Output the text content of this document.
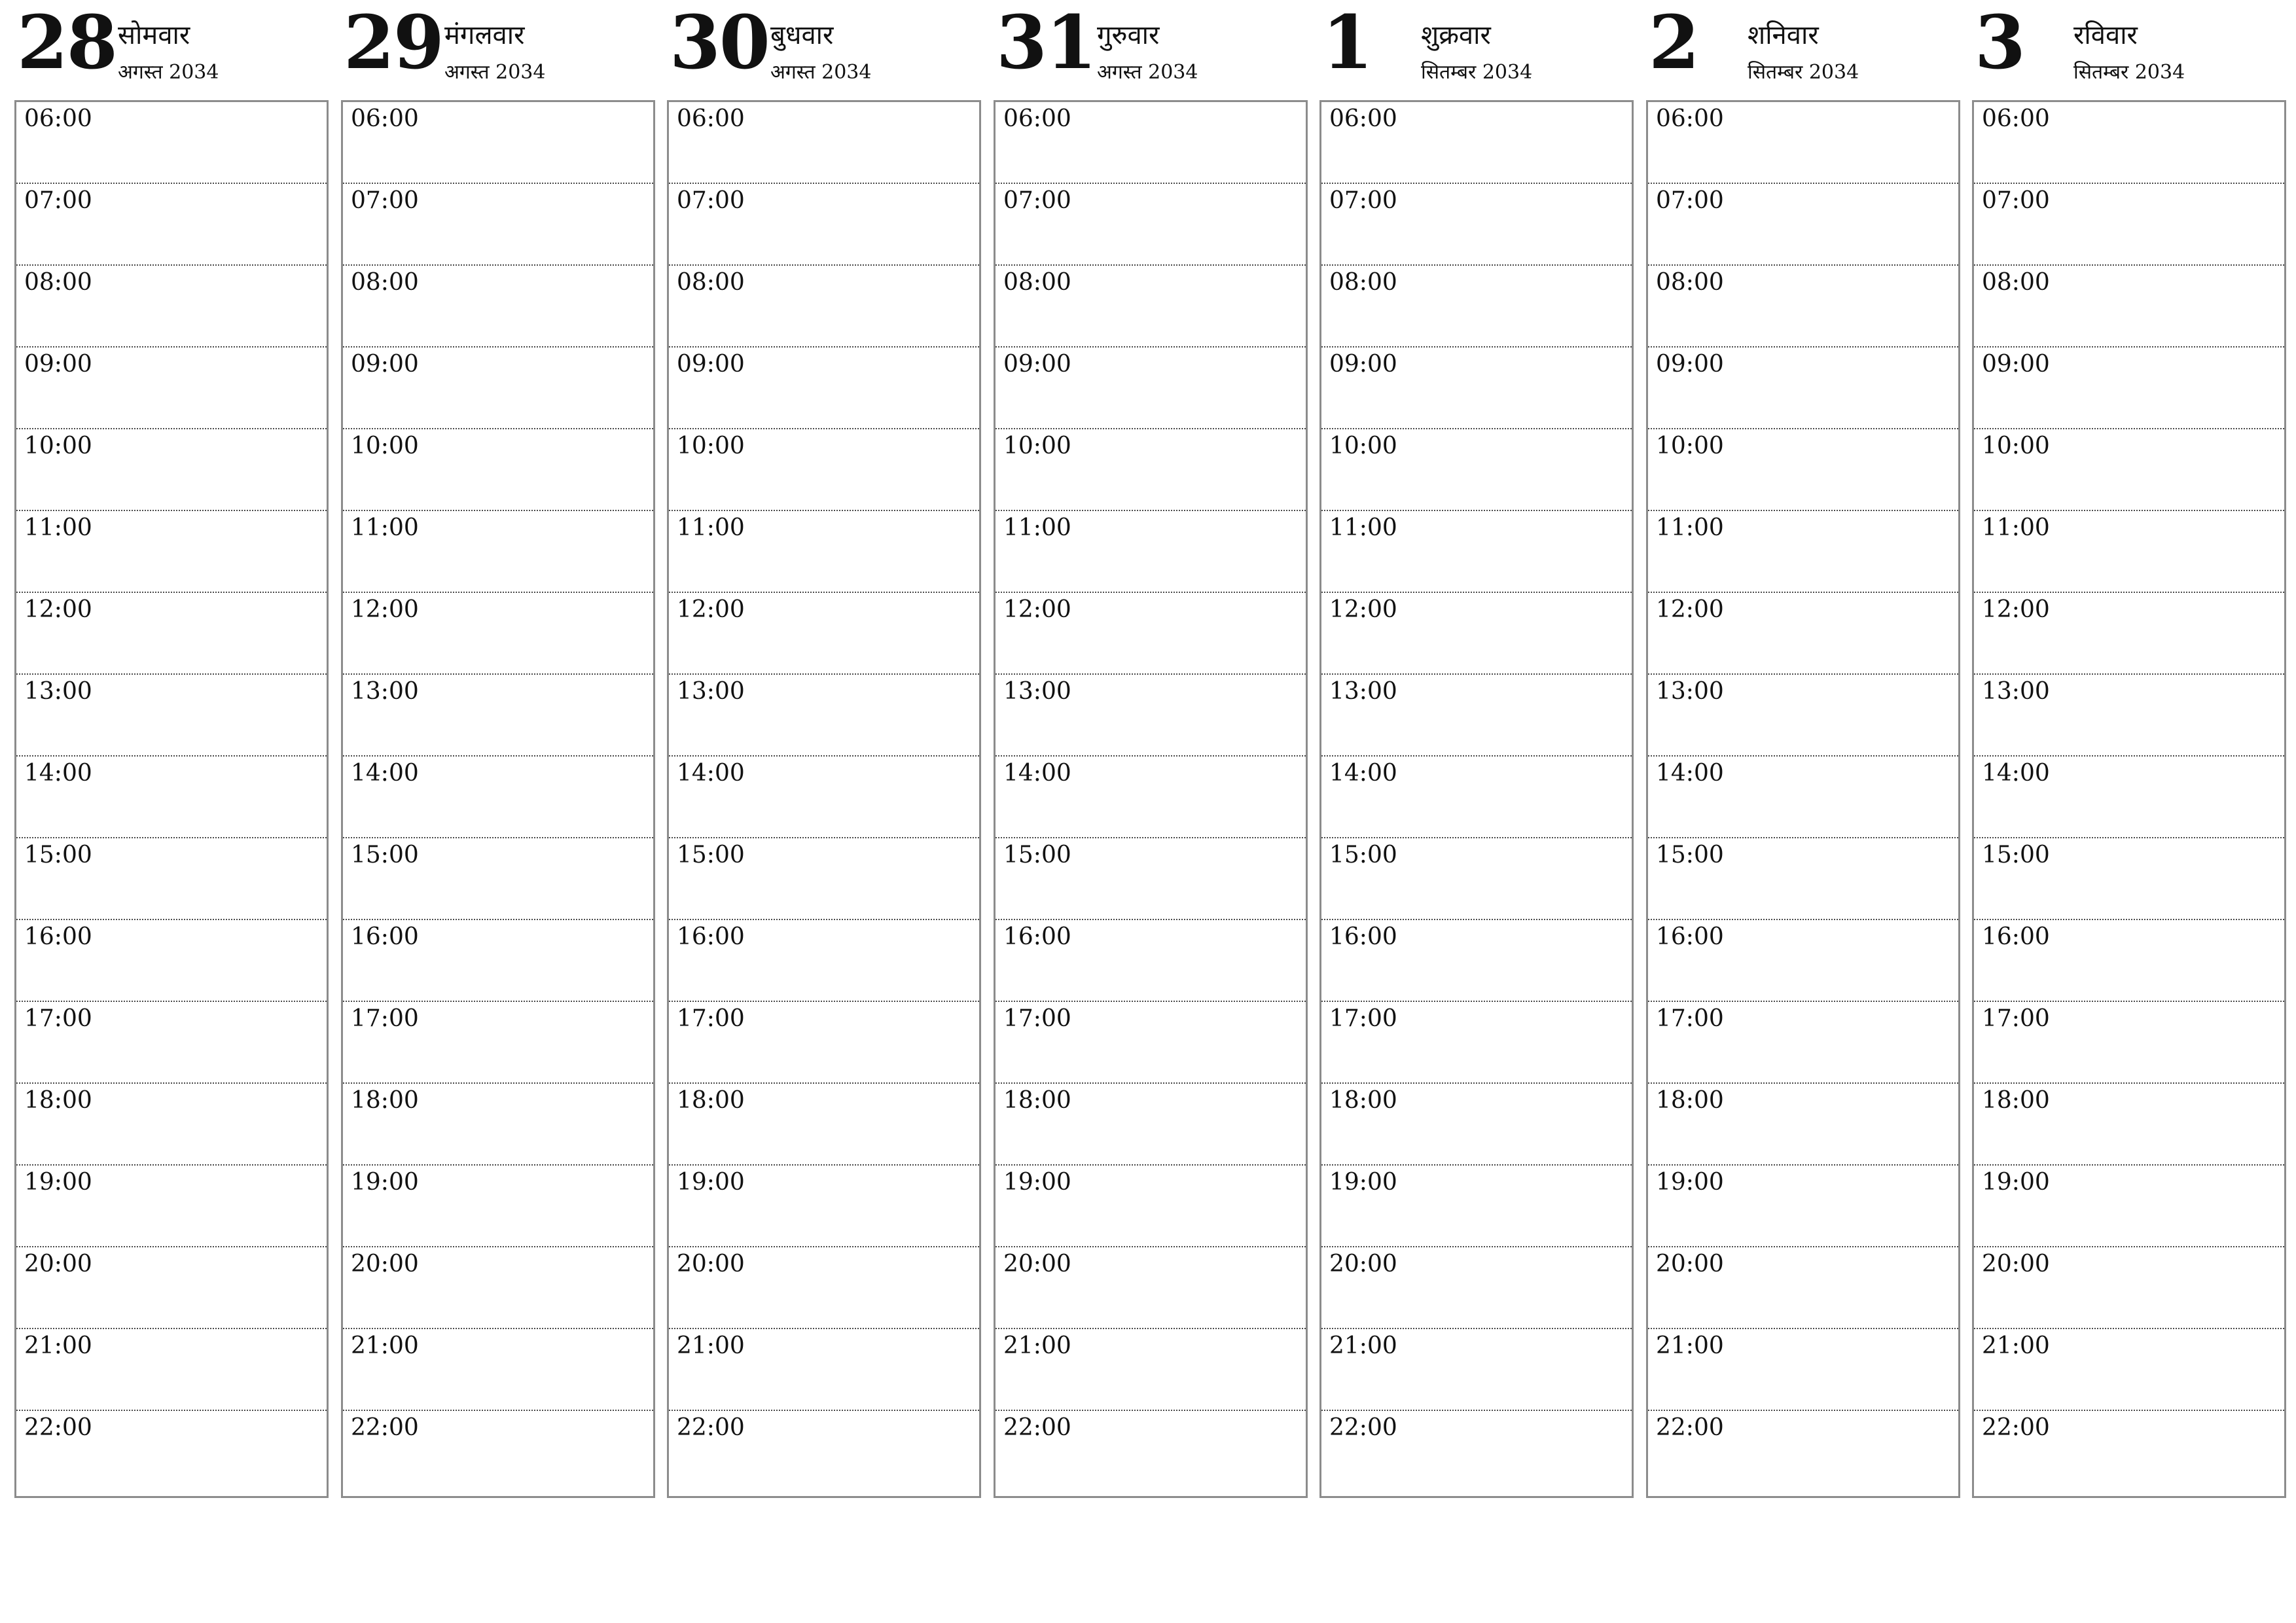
28 सोमवार
अगस्त 2034
06:00
07:00
08:00
09:00
10:00
11:00
12:00
13:00
14:00
15:00
16:00
17:00
18:00
19:00
20:00
21:00
22:00
29 मंगलवार
अगस्त 2034
06:00
07:00
08:00
09:00
10:00
11:00
12:00
13:00
14:00
15:00
16:00
17:00
18:00
19:00
20:00
21:00
22:00
30 बुधवार
अगस्त 2034
06:00
07:00
08:00
09:00
10:00
11:00
12:00
13:00
14:00
15:00
16:00
17:00
18:00
19:00
20:00
21:00
22:00
31 गुरुवार
अगस्त 2034
06:00
07:00
08:00
09:00
10:00
11:00
12:00
13:00
14:00
15:00
16:00
17:00
18:00
19:00
20:00
21:00
22:00
1 शुक्रवार
सितम्बर 2034
06:00
07:00
08:00
09:00
10:00
11:00
12:00
13:00
14:00
15:00
16:00
17:00
18:00
19:00
20:00
21:00
22:00
2 शनिवार
सितम्बर 2034
06:00
07:00
08:00
09:00
10:00
11:00
12:00
13:00
14:00
15:00
16:00
17:00
18:00
19:00
20:00
21:00
22:00
3 रविवार
सितम्बर 2034
06:00
07:00
08:00
09:00
10:00
11:00
12:00
13:00
14:00
15:00
16:00
17:00
18:00
19:00
20:00
21:00
22:00
